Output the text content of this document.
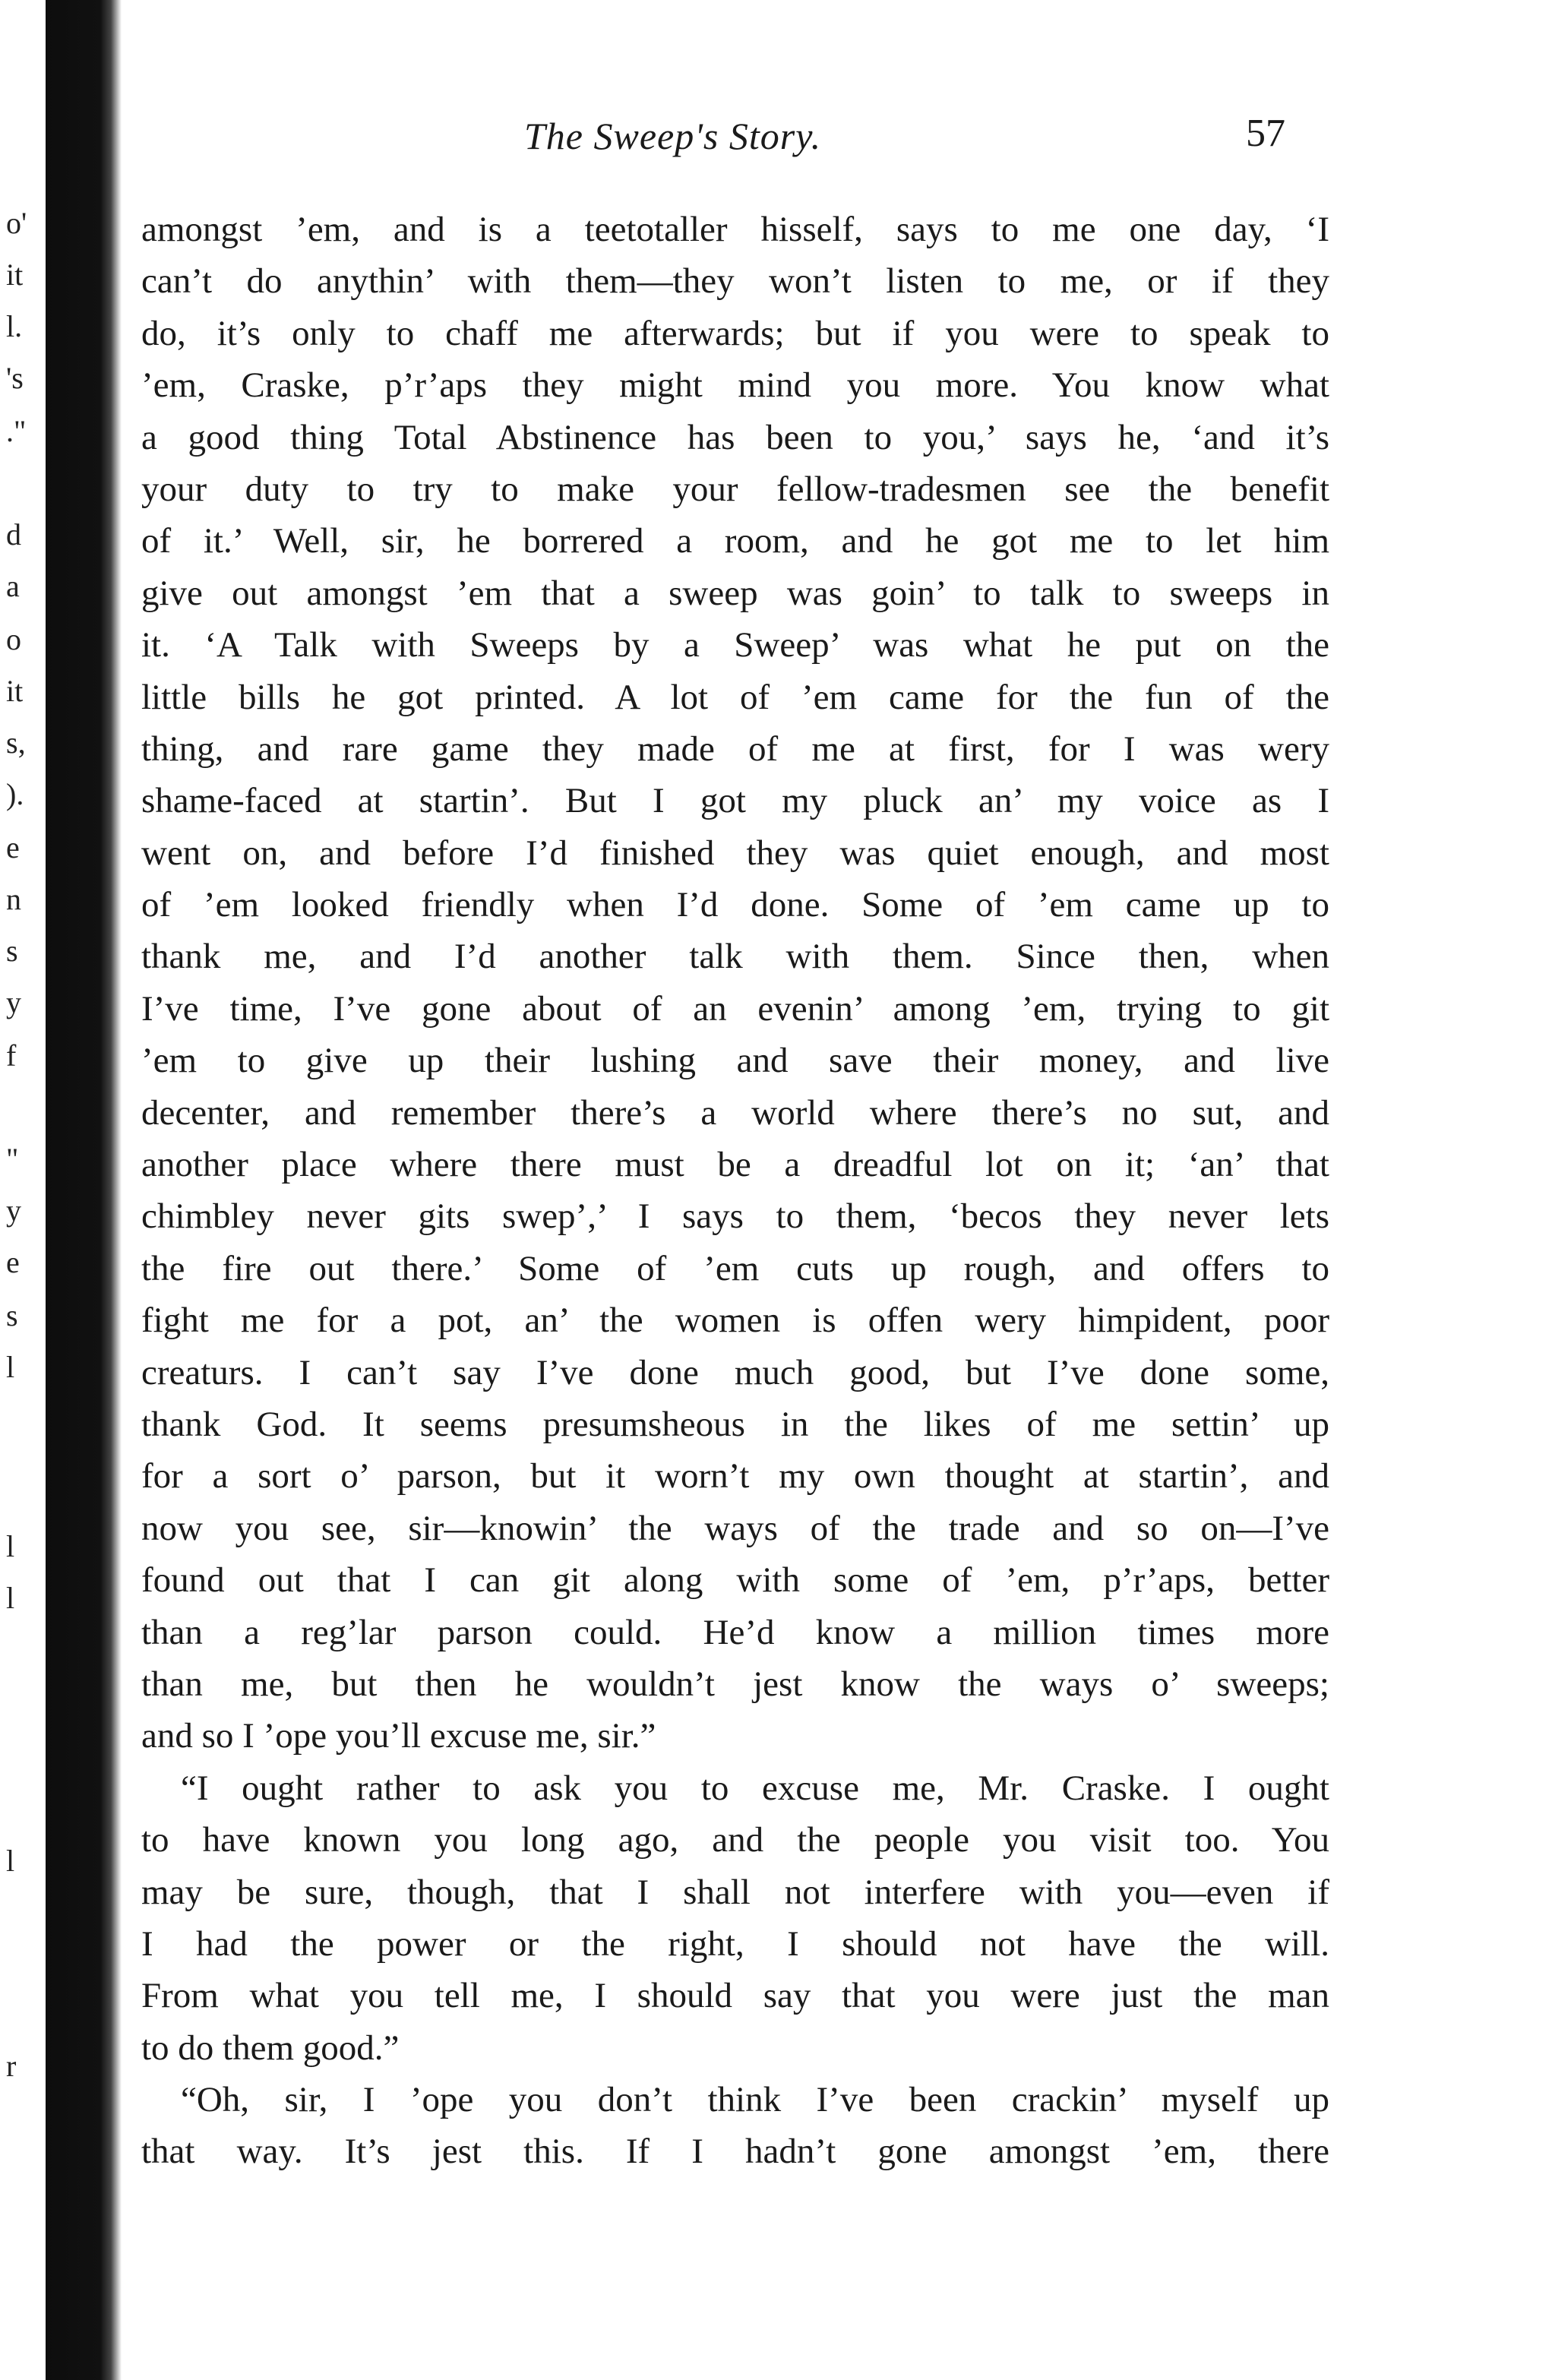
o'
it
l.
's
."
d
a
o
it
s,
).
e
n
s
y
f
"
y
e
s
l
l
l
l
r
The Sweep's Story.	57
amongst ’em, and is a teetotaller hisself, says to me one day, ‘I
can’t do anythin’ with them—they won’t listen to me, or if they
do, it’s only to chaff me afterwards; but if you were to speak to
’em, Craske, p’r’aps they might mind you more. You know what
a good thing Total Abstinence has been to you,’ says he, ‘and it’s
your duty to try to make your fellow-tradesmen see the benefit
of it.’ Well, sir, he borrered a room, and he got me to let him
give out amongst ’em that a sweep was goin’ to talk to sweeps in
it. ‘A Talk with Sweeps by a Sweep’ was what he put on the
little bills he got printed. A lot of ’em came for the fun of the
thing, and rare game they made of me at first, for I was wery
shame-faced at startin’. But I got my pluck an’ my voice as I
went on, and before I’d finished they was quiet enough, and most
of ’em looked friendly when I’d done. Some of ’em came up to
thank me, and I’d another talk with them. Since then, when
I’ve time, I’ve gone about of an evenin’ among ’em, trying to git
’em to give up their lushing and save their money, and live
decenter, and remember there’s a world where there’s no sut, and
another place where there must be a dreadful lot on it; ‘an’ that
chimbley never gits swep’,’ I says to them, ‘becos they never lets
the fire out there.’ Some of ’em cuts up rough, and offers to
fight me for a pot, an’ the women is offen wery himpident, poor
creaturs. I can’t say I’ve done much good, but I’ve done some,
thank God. It seems presumsheous in the likes of me settin’ up
for a sort o’ parson, but it worn’t my own thought at startin’, and
now you see, sir—knowin’ the ways of the trade and so on—I’ve
found out that I can git along with some of ’em, p’r’aps, better
than a reg’lar parson could. He’d know a million times more
than me, but then he wouldn’t jest know the ways o’ sweeps;
and so I ’ope you’ll excuse me, sir.”
“I ought rather to ask you to excuse me, Mr. Craske. I ought
to have known you long ago, and the people you visit too. You
may be sure, though, that I shall not interfere with you—even if
I had the power or the right, I should not have the will.
From what you tell me, I should say that you were just the man
to do them good.”
“Oh, sir, I ’ope you don’t think I’ve been crackin’ myself up
that way. It’s jest this. If I hadn’t gone amongst ’em, there
